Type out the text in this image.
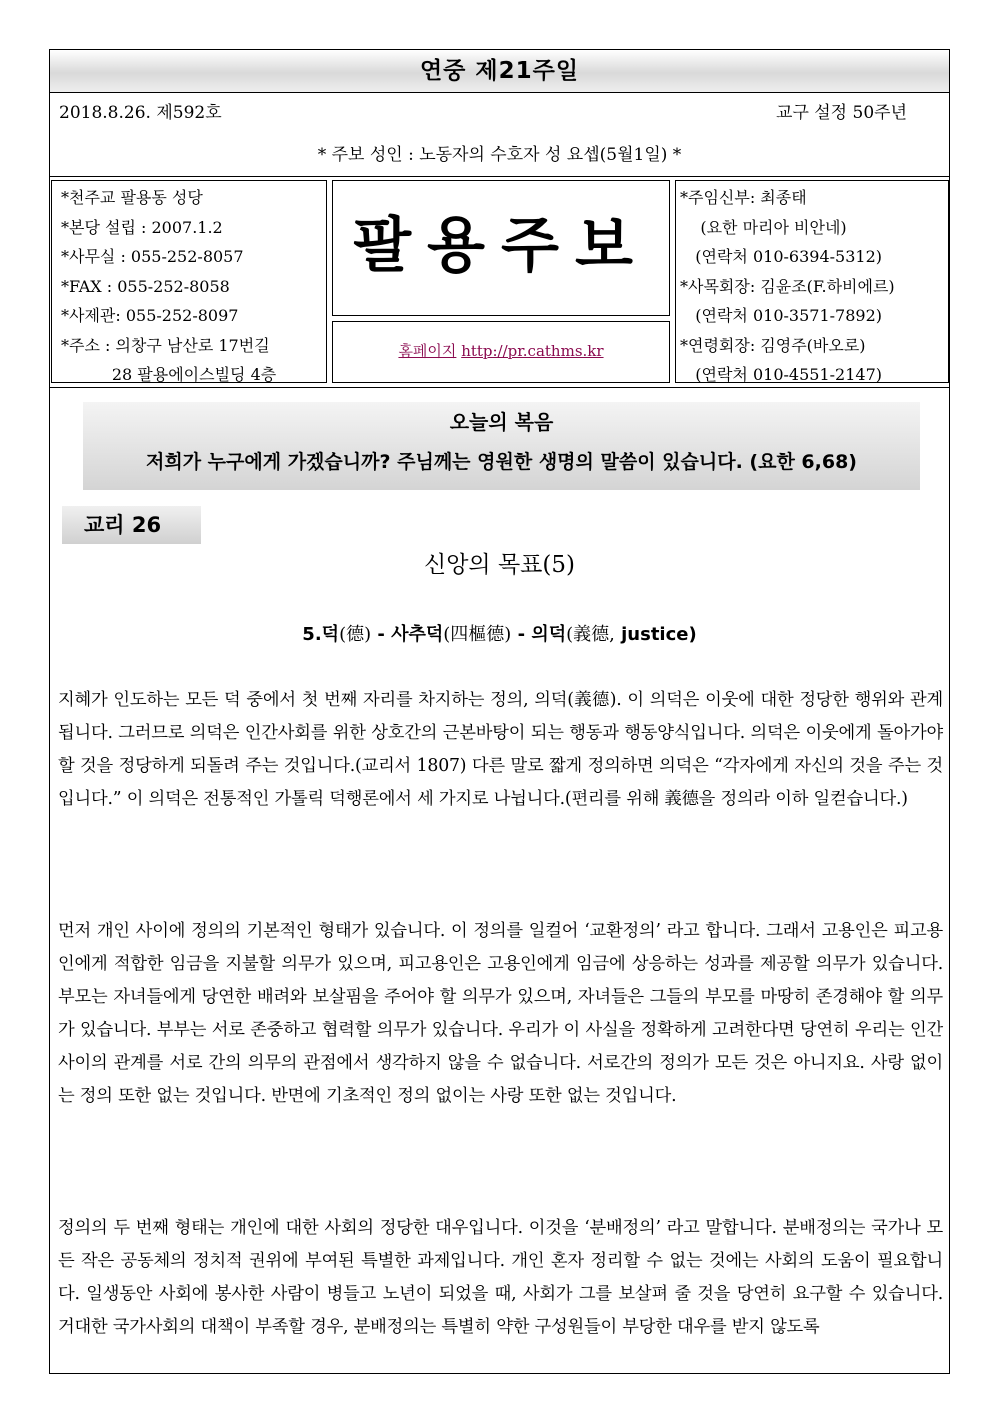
연중 제21주일
2018.8.26. 제592호	교구 설정 50주년
* 주보 성인 : 노동자의 수호자 성 요셉(5월1일) *
*천주교 팔용동 성당
*본당 설립 : 2007.1.2
*사무실 : 055-252-8057
*FAX : 055-252-8058
*사제관: 055-252-8097
*주소 : 의창구 남산로 17번길
28 팔용에이스빌딩 4층
팔용주보
홈페이지 http://pr.cathms.kr
*주임신부: 최종태
(요한 마리아 비안네)
(연락처 010-6394-5312)
*사목회장: 김윤조(F.하비에르)
(연락처 010-3571-7892)
*연령회장: 김영주(바오로)
(연락처 010-4551-2147)
오늘의 복음
저희가 누구에게 가겠습니까? 주님께는 영원한 생명의 말씀이 있습니다. (요한 6,68)
교리 26
신앙의 목표(5)
5.덕(德) - 사추덕(四樞德) - 의덕(義德, justice)
지혜가 인도하는 모든 덕 중에서 첫 번째 자리를 차지하는 정의, 의덕(義德). 이 의덕은 이웃에 대한 정당한 행위와 관계됩니다. 그러므로 의덕은 인간사회를 위한 상호간의 근본바탕이 되는 행동과 행동양식입니다. 의덕은 이웃에게 돌아가야 할 것을 정당하게 되돌려 주는 것입니다.(교리서 1807) 다른 말로 짧게 정의하면 의덕은 “각자에게 자신의 것을 주는 것입니다.” 이 의덕은 전통적인 가톨릭 덕행론에서 세 가지로 나뉩니다.(편리를 위해 義德을 정의라 이하 일컫습니다.)
먼저 개인 사이에 정의의 기본적인 형태가 있습니다. 이 정의를 일컬어 ‘교환정의’ 라고 합니다. 그래서 고용인은 피고용인에게 적합한 임금을 지불할 의무가 있으며, 피고용인은 고용인에게 임금에 상응하는 성과를 제공할 의무가 있습니다. 부모는 자녀들에게 당연한 배려와 보살핌을 주어야 할 의무가 있으며, 자녀들은 그들의 부모를 마땅히 존경해야 할 의무가 있습니다. 부부는 서로 존중하고 협력할 의무가 있습니다. 우리가 이 사실을 정확하게 고려한다면 당연히 우리는 인간 사이의 관계를 서로 간의 의무의 관점에서 생각하지 않을 수 없습니다. 서로간의 정의가 모든 것은 아니지요. 사랑 없이는 정의 또한 없는 것입니다. 반면에 기초적인 정의 없이는 사랑 또한 없는 것입니다.
정의의 두 번째 형태는 개인에 대한 사회의 정당한 대우입니다. 이것을 ‘분배정의’ 라고 말합니다. 분배정의는 국가나 모든 작은 공동체의 정치적 권위에 부여된 특별한 과제입니다. 개인 혼자 정리할 수 없는 것에는 사회의 도움이 필요합니다. 일생동안 사회에 봉사한 사람이 병들고 노년이 되었을 때, 사회가 그를 보살펴 줄 것을 당연히 요구할 수 있습니다. 거대한 국가사회의 대책이 부족할 경우, 분배정의는 특별히 약한 구성원들이 부당한 대우를 받지 않도록
